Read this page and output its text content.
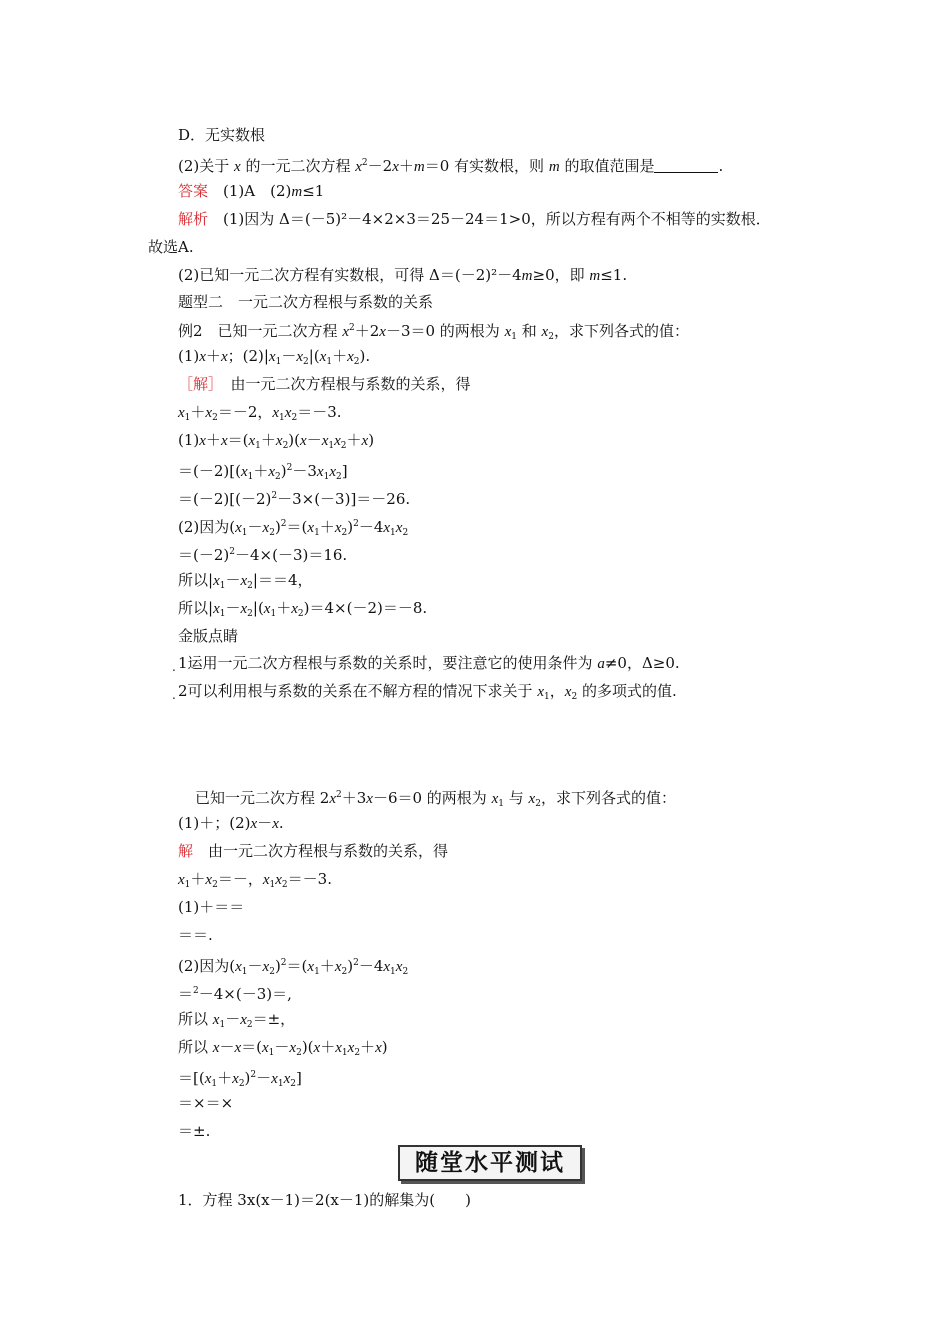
D．无实数根
(2)关于 x 的一元二次方程 $x^2-2x+m=0$ 有实数根，则 m 的取值范围是	.
答案　 (1)A　(2)m≤1
解析　 (1)因为 Δ＝(－5)²－4×2×3＝25－24＝1>0，所以方程有两个不相等的实数根．
故选A.
(2)已知一元二次方程有实数根，可得 Δ＝(－2)²－4m≥0，即 m≤1.
题型二　一元二次方程根与系数的关系
例2　已知一元二次方程 $x^2+2x-3=0$ 的两根为 $x_1$ 和 $x_2$，求下列各式的值：
(1)x＋x；$(2)|x_1-x_2|(x_1+x_2)$.
［解］　 由一元二次方程根与系数的关系，得
$x_1+x_2=-2$，$x_1x_2=-3$.
$(1)x+x=(x_1+x_2)(x-x_1x_2+x)$
$=(-2)[(x_1+x_2)^2-3x_1x_2]$
$=(-2)[(-2)^2-3\times(-3)]=-26$.
(2)因为$(x_1-x_2)^2=(x_1+x_2)^2-4x_1x_2$
$=(-2)^2-4\times(-3)=16$.
所以$|x_1-x_2|==4$，
所以$|x_1-x_2|(x_1+x_2)=4\times(-2)=-8$.
金版点睛
. 1运用一元二次方程根与系数的关系时，要注意它的使用条件为 a≠0，Δ≥0.
. 2可以利用根与系数的关系在不解方程的情况下求关于 $x_1$，$x_2$ 的多项式的值.
已知一元二次方程 $2x^2+3x-6=0$ 的两根为 $x_1$ 与 $x_2$，求下列各式的值：
(1)＋；(2)x－x.
解　 由一元二次方程根与系数的关系，得
$x_1+x_2=-$，$x_1x_2=-3$.
(1)＋＝＝
＝＝.
(2)因为$(x_1-x_2)^2=(x_1+x_2)^2-4x_1x_2$
＝$^2$－4×(－3)＝,
所以 $x_1-x_2=\pm$，
所以 $x-x=(x_1-x_2)(x+x_1x_2+x)$
$=[(x_1+x_2)^2-x_1x_2]$
＝×＝×
＝±.
随堂水平测试
1．方程 3x(x－1)＝2(x－1)的解集为(　　)
